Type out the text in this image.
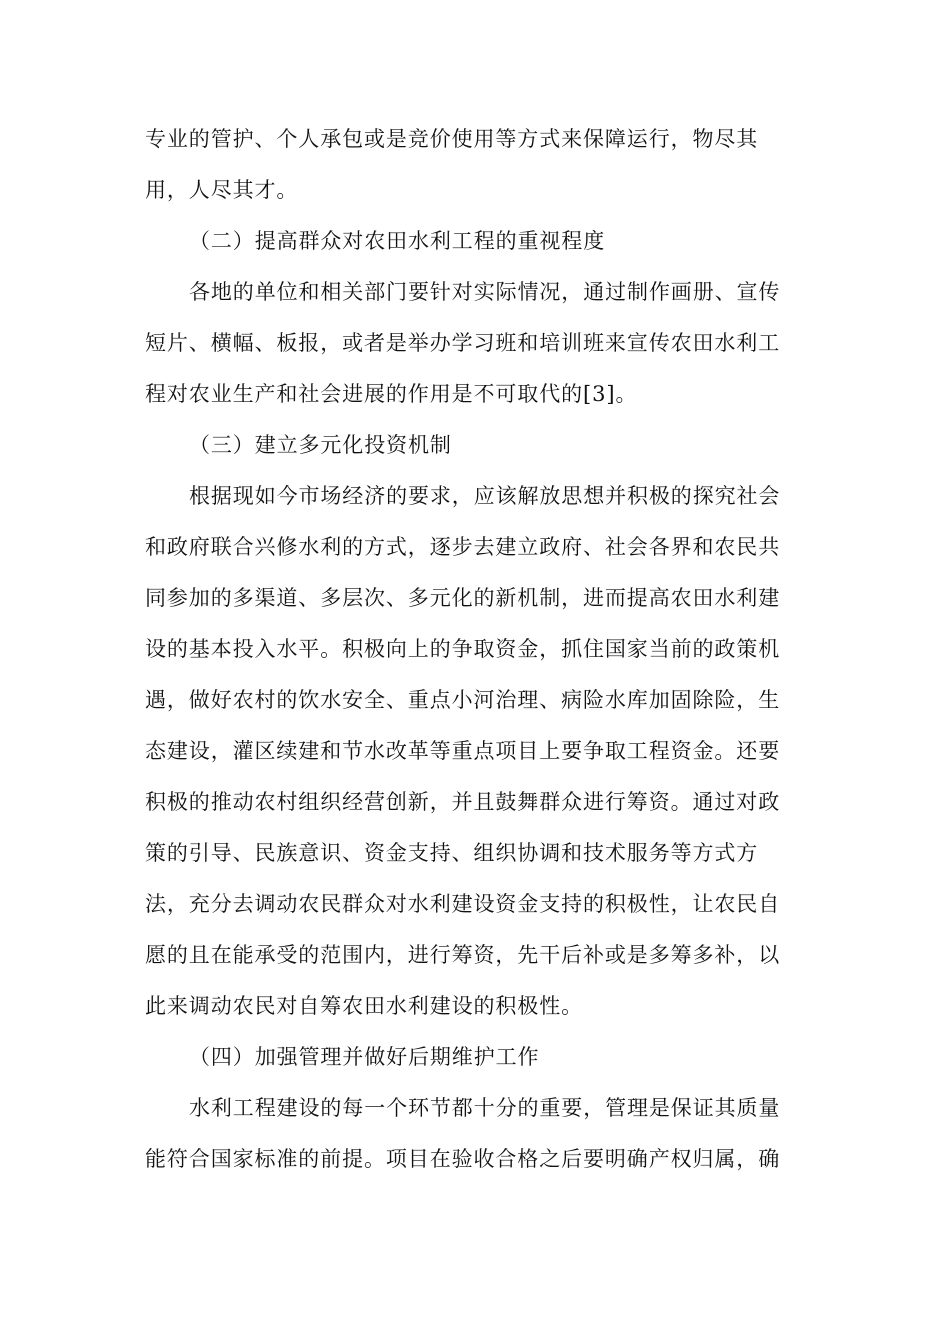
专业的管护、个人承包或是竞价使用等方式来保障运行，物尽其
用，人尽其才。
（二）提高群众对农田水利工程的重视程度
各地的单位和相关部门要针对实际情况，通过制作画册、宣传
短片、横幅、板报，或者是举办学习班和培训班来宣传农田水利工
程对农业生产和社会进展的作用是不可取代的[3]。
（三）建立多元化投资机制
根据现如今市场经济的要求，应该解放思想并积极的探究社会
和政府联合兴修水利的方式，逐步去建立政府、社会各界和农民共
同参加的多渠道、多层次、多元化的新机制，进而提高农田水利建
设的基本投入水平。积极向上的争取资金，抓住国家当前的政策机
遇，做好农村的饮水安全、重点小河治理、病险水库加固除险，生
态建设，灌区续建和节水改革等重点项目上要争取工程资金。还要
积极的推动农村组织经营创新，并且鼓舞群众进行筹资。通过对政
策的引导、民族意识、资金支持、组织协调和技术服务等方式方
法，充分去调动农民群众对水利建设资金支持的积极性，让农民自
愿的且在能承受的范围内，进行筹资，先干后补或是多筹多补，以
此来调动农民对自筹农田水利建设的积极性。
（四）加强管理并做好后期维护工作
水利工程建设的每一个环节都十分的重要，管理是保证其质量
能符合国家标准的前提。项目在验收合格之后要明确产权归属，确
